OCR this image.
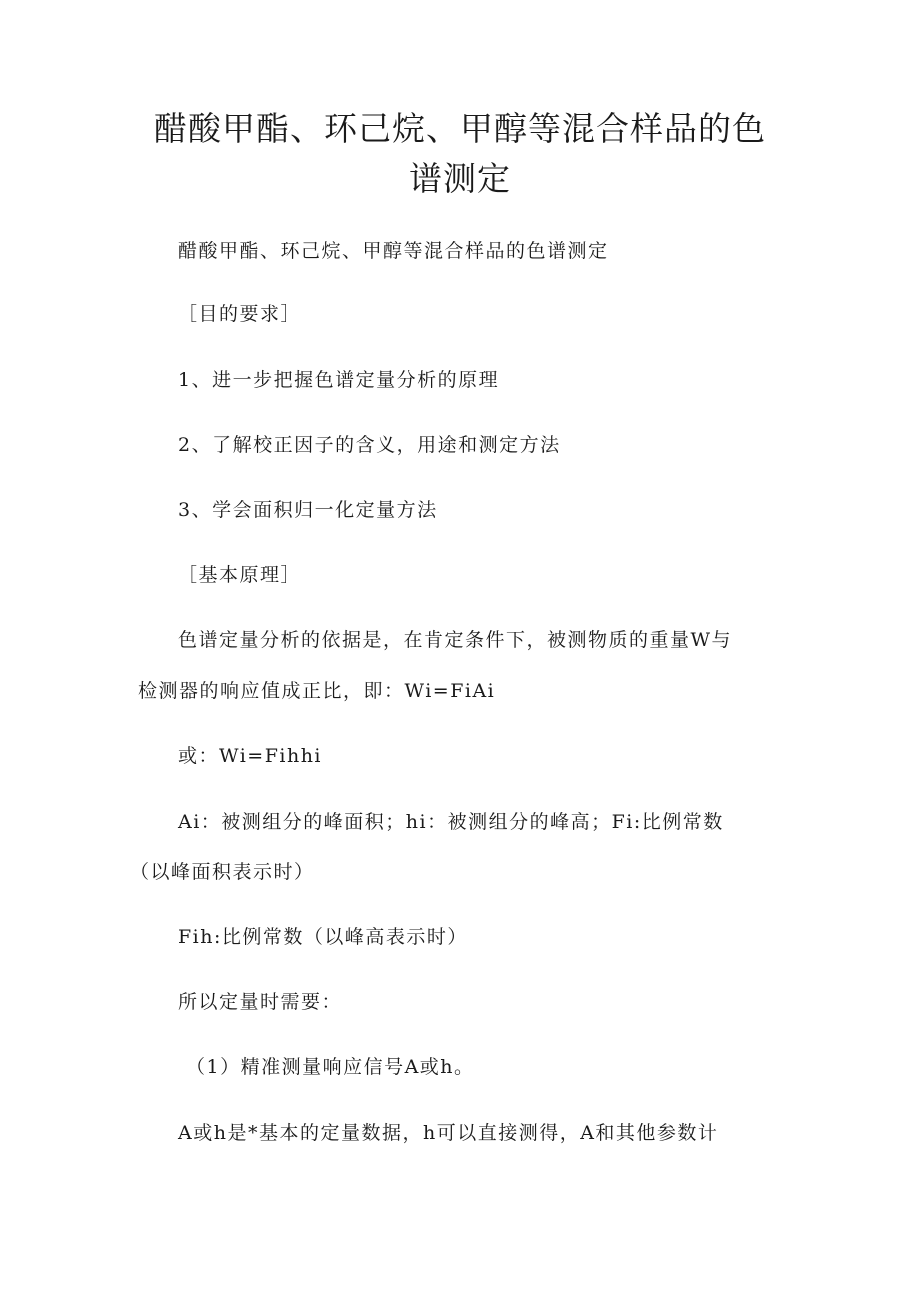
醋酸甲酯、环己烷、甲醇等混合样品的色
谱测定

醋酸甲酯、环己烷、甲醇等混合样品的色谱测定

［目的要求］

1、进一步把握色谱定量分析的原理

2、了解校正因子的含义，用途和测定方法

3、学会面积归一化定量方法

［基本原理］

色谱定量分析的依据是，在肯定条件下，被测物质的重量W与

检测器的响应值成正比，即：Wi=FiAi

或：Wi=Fihhi

Ai：被测组分的峰面积；hi：被测组分的峰高；Fi:比例常数

（以峰面积表示时）

Fih:比例常数（以峰高表示时）

所以定量时需要：

（1）精准测量响应信号A或h。

A或h是*基本的定量数据，h可以直接测得，A和其他参数计
